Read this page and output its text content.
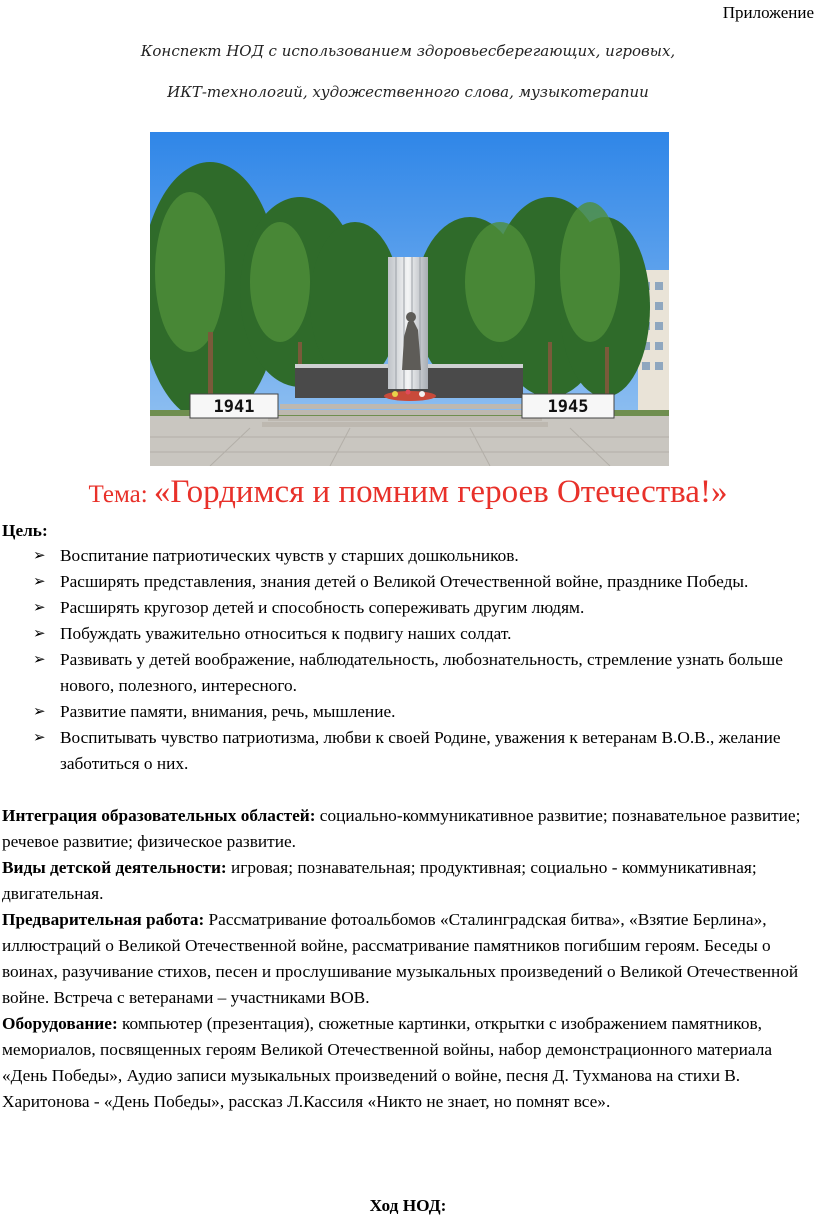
Приложение
Конспект НОД с использованием здоровьесберегающих, игровых,
ИКТ-технологий, художественного слова, музыкотерапии
1941	1945
Тема: «Гордимся и помним героев Отечества!»
Цель:
➢ Воспитание патриотических чувств у старших дошкольников.
➢ Расширять представления, знания детей о Великой Отечественной войне, празднике Победы.
➢ Расширять кругозор детей и способность сопереживать другим людям.
➢ Побуждать уважительно относиться к подвигу наших солдат.
➢ Развивать у детей воображение, наблюдательность, любознательность, стремление узнать больше нового, полезного, интересного.
➢ Развитие памяти, внимания, речь, мышление.
➢ Воспитывать чувство патриотизма, любви к своей Родине, уважения к ветеранам В.О.В., желание заботиться о них.

Интеграция образовательных областей: социально-коммуникативное развитие; познавательное развитие; речевое развитие; физическое развитие.

Виды детской деятельности: игровая; познавательная; продуктивная; социально - коммуникативная; двигательная.

Предварительная работа: Рассматривание фотоальбомов «Сталинградская битва», «Взятие Берлина», иллюстраций о Великой Отечественной войне, рассматривание памятников погибшим героям. Беседы о воинах, разучивание стихов, песен и прослушивание музыкальных произведений о Великой Отечественной войне. Встреча с ветеранами – участниками ВОВ.

Оборудование: компьютер (презентация), сюжетные картинки, открытки с изображением памятников, мемориалов, посвященных героям Великой Отечественной войны, набор демонстрационного материала «День Победы», Аудио записи музыкальных произведений о войне, песня Д. Тухманова на стихи В. Харитонова - «День Победы», рассказ Л.Кассиля «Никто не знает, но помнят все».

Ход НОД:
